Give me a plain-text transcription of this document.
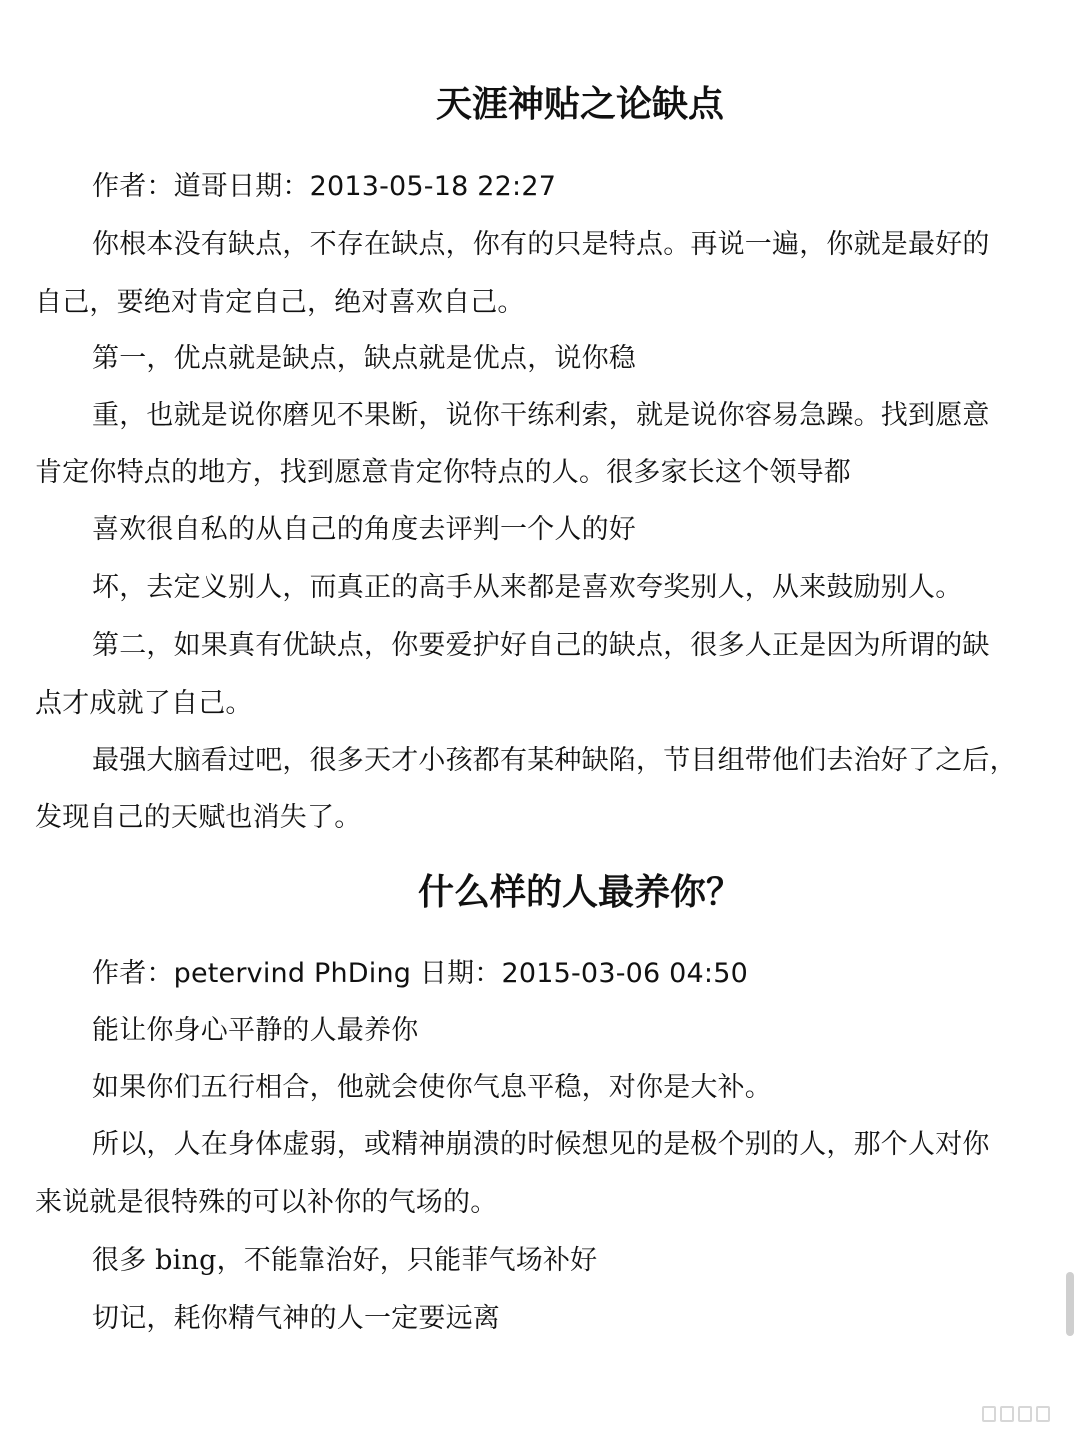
天涯神贴之论缺点

作者：道哥日期：2013-05-18 22:27

你根本没有缺点，不存在缺点，你有的只是特点。再说一遍，你就是最好的

自己，要绝对肯定自己，绝对喜欢自己。

第一，优点就是缺点，缺点就是优点，说你稳

重，也就是说你磨见不果断，说你干练利索，就是说你容易急躁。找到愿意

肯定你特点的地方，找到愿意肯定你特点的人。很多家长这个领导都

喜欢很自私的从自己的角度去评判一个人的好

坏，去定义别人，而真正的高手从来都是喜欢夸奖别人，从来鼓励别人。

第二，如果真有优缺点，你要爱护好自己的缺点，很多人正是因为所谓的缺

点才成就了自己。

最强大脑看过吧，很多天才小孩都有某种缺陷，节目组带他们去治好了之后，

发现自己的天赋也消失了。

什么样的人最养你？

作者：petervind PhDing 日期：2015-03-06 04:50

能让你身心平静的人最养你

如果你们五行相合，他就会使你气息平稳，对你是大补。

所以，人在身体虚弱，或精神崩溃的时候想见的是极个别的人，那个人对你

来说就是很特殊的可以补你的气场的。

很多 bing，不能靠治好，只能菲气场补好

切记，耗你精气神的人一定要远离
